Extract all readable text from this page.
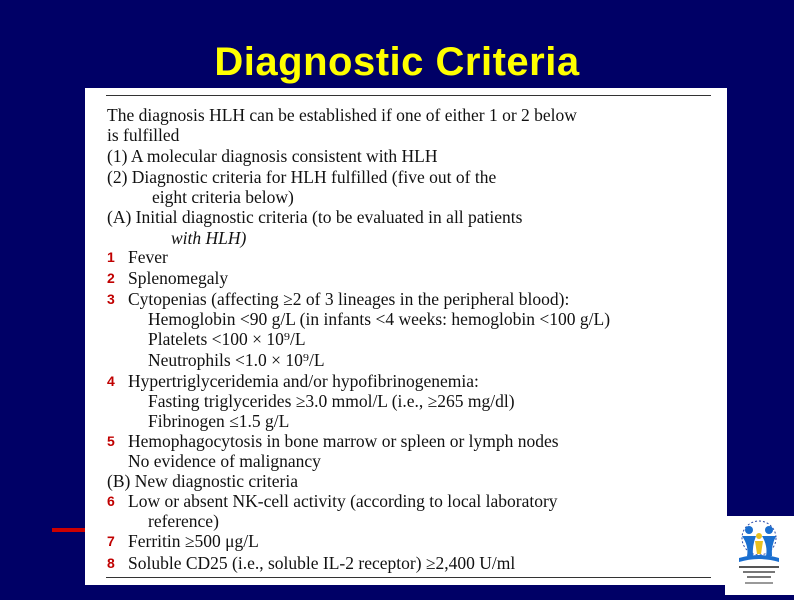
Diagnostic Criteria
The diagnosis HLH can be established if one of either 1 or 2 below
is fulfilled
(1) A molecular diagnosis consistent with HLH
(2) Diagnostic criteria for HLH fulfilled (five out of the
eight criteria below)
(A) Initial diagnostic criteria (to be evaluated in all patients
with HLH)
1 Fever
2 Splenomegaly
3 Cytopenias (affecting ≥2 of 3 lineages in the peripheral blood):
Hemoglobin <90 g/L (in infants <4 weeks: hemoglobin <100 g/L)
Platelets <100 × 10⁹/L
Neutrophils <1.0 × 10⁹/L
4 Hypertriglyceridemia and/or hypofibrinogenemia:
Fasting triglycerides ≥3.0 mmol/L (i.e., ≥265 mg/dl)
Fibrinogen ≤1.5 g/L
5 Hemophagocytosis in bone marrow or spleen or lymph nodes
No evidence of malignancy
(B) New diagnostic criteria
6 Low or absent NK-cell activity (according to local laboratory
reference)
7 Ferritin ≥500 μg/L
8 Soluble CD25 (i.e., soluble IL-2 receptor) ≥2,400 U/ml
